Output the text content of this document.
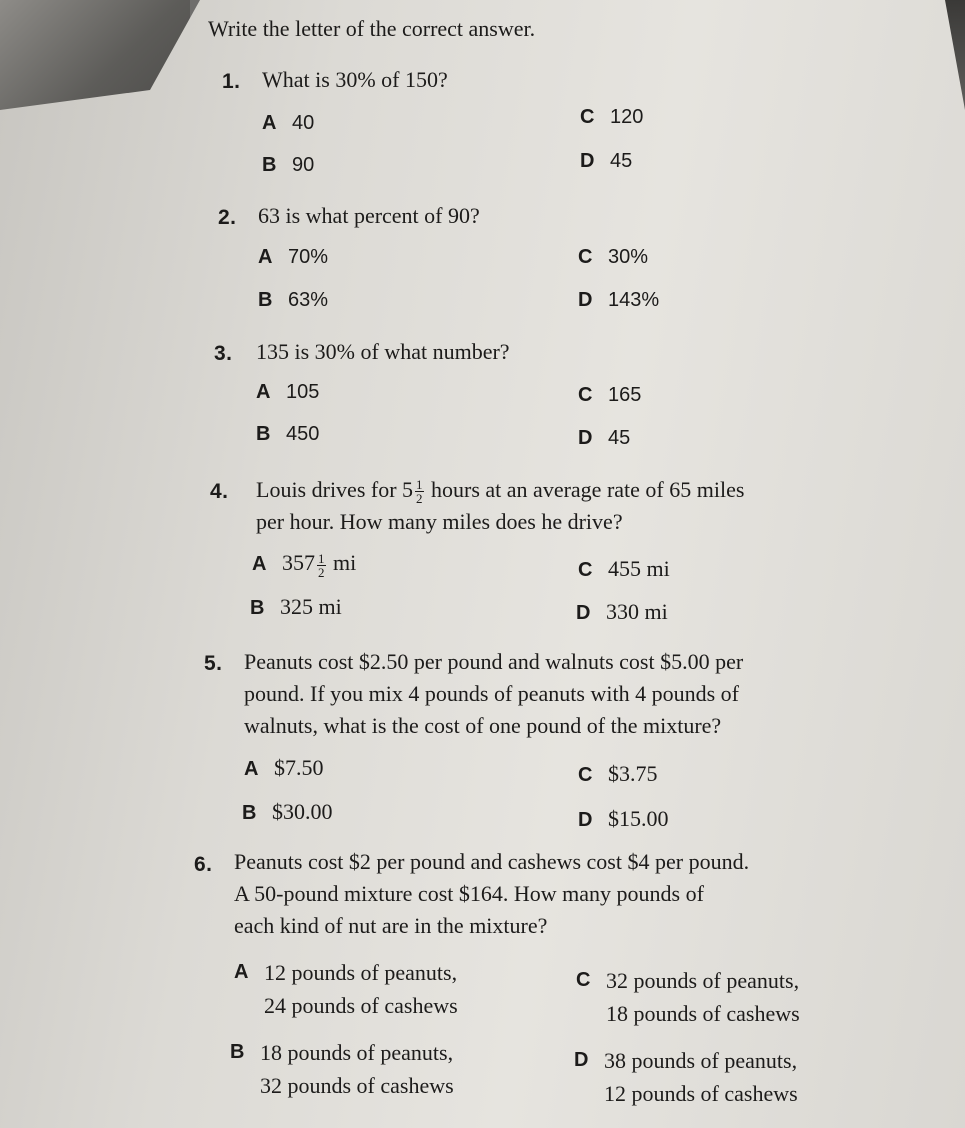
Write the letter of the correct answer.
1. What is 30% of 150?
A 40
B 90
C 120
D 45
2. 63 is what percent of 90?
A 70%
B 63%
C 30%
D 143%
3. 135 is 30% of what number?
A 105
B 450
C 165
D 45
4. Louis drives for $5 \frac{1}{2}$ hours at an average rate of 65 miles
per hour. How many miles does he drive?
A $357 \frac{1}{2}$ mi
B 325 mi
C 455 mi
D 330 mi
5. Peanuts cost $2.50 per pound and walnuts cost $5.00 per
pound. If you mix 4 pounds of peanuts with 4 pounds of
walnuts, what is the cost of one pound of the mixture?
A $7.50
B $30.00
C $3.75
D $15.00
6. Peanuts cost $2 per pound and cashews cost $4 per pound.
A 50-pound mixture cost $164. How many pounds of
each kind of nut are in the mixture?
A 12 pounds of peanuts,
24 pounds of cashews
B 18 pounds of peanuts,
32 pounds of cashews
C 32 pounds of peanuts,
18 pounds of cashews
D 38 pounds of peanuts,
12 pounds of cashews
